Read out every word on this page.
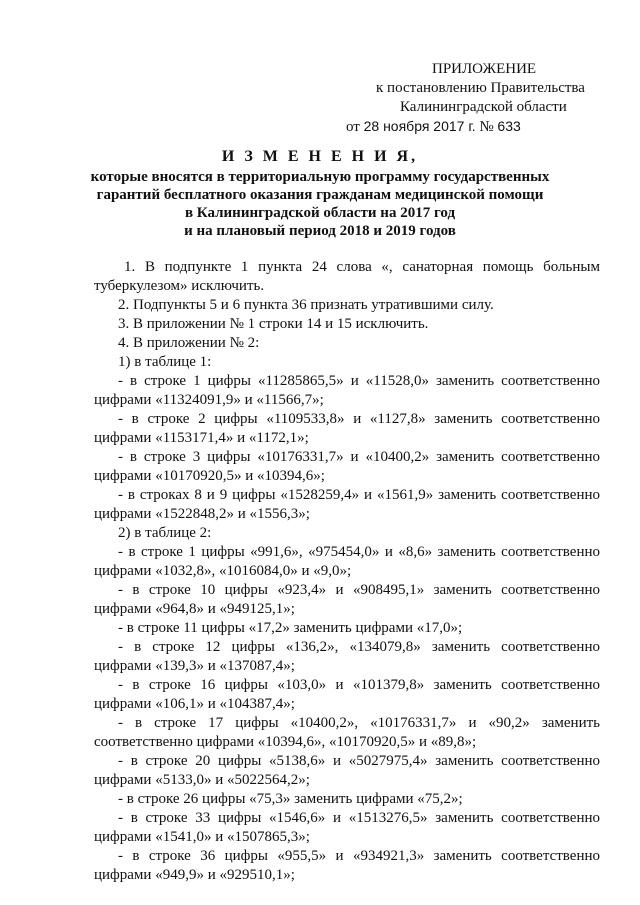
ПРИЛОЖЕНИЕ
к постановлению Правительства
Калининградской области
от 28 ноября 2017 г. № 633
И З М Е Н Е Н И Я,
которые вносятся в территориальную программу государственных
гарантий бесплатного оказания гражданам медицинской помощи
в Калининградской области на 2017 год
и на плановый период 2018 и 2019 годов

1. В подпункте 1 пункта 24 слова «, санаторная помощь больным туберкулезом» исключить.

2. Подпункты 5 и 6 пункта 36 признать утратившими силу.

3. В приложении № 1 строки 14 и 15 исключить.

4. В приложении № 2:

1) в таблице 1:

- в строке 1 цифры «11285865,5» и «11528,0» заменить соответственно цифрами «11324091,9» и «11566,7»;

- в строке 2 цифры «1109533,8» и «1127,8» заменить соответственно цифрами «1153171,4» и «1172,1»;

- в строке 3 цифры «10176331,7» и «10400,2» заменить соответственно цифрами «10170920,5» и «10394,6»;

- в строках 8 и 9 цифры «1528259,4» и «1561,9» заменить соответственно цифрами «1522848,2» и «1556,3»;

2) в таблице 2:

- в строке 1 цифры «991,6», «975454,0» и «8,6» заменить соответственно цифрами «1032,8», «1016084,0» и «9,0»;

- в строке 10 цифры «923,4» и «908495,1» заменить соответственно цифрами «964,8» и «949125,1»;

- в строке 11 цифры «17,2» заменить цифрами «17,0»;

- в строке 12 цифры «136,2», «134079,8» заменить соответственно цифрами «139,3» и «137087,4»;

- в строке 16 цифры «103,0» и «101379,8» заменить соответственно цифрами «106,1» и «104387,4»;

- в строке 17 цифры «10400,2», «10176331,7» и «90,2» заменить соответственно цифрами «10394,6», «10170920,5» и «89,8»;

- в строке 20 цифры «5138,6» и «5027975,4» заменить соответственно цифрами «5133,0» и «5022564,2»;

- в строке 26 цифры «75,3» заменить цифрами «75,2»;

- в строке 33 цифры «1546,6» и «1513276,5» заменить соответственно цифрами «1541,0» и «1507865,3»;

- в строке 36 цифры «955,5» и «934921,3» заменить соответственно цифрами «949,9» и «929510,1»;
